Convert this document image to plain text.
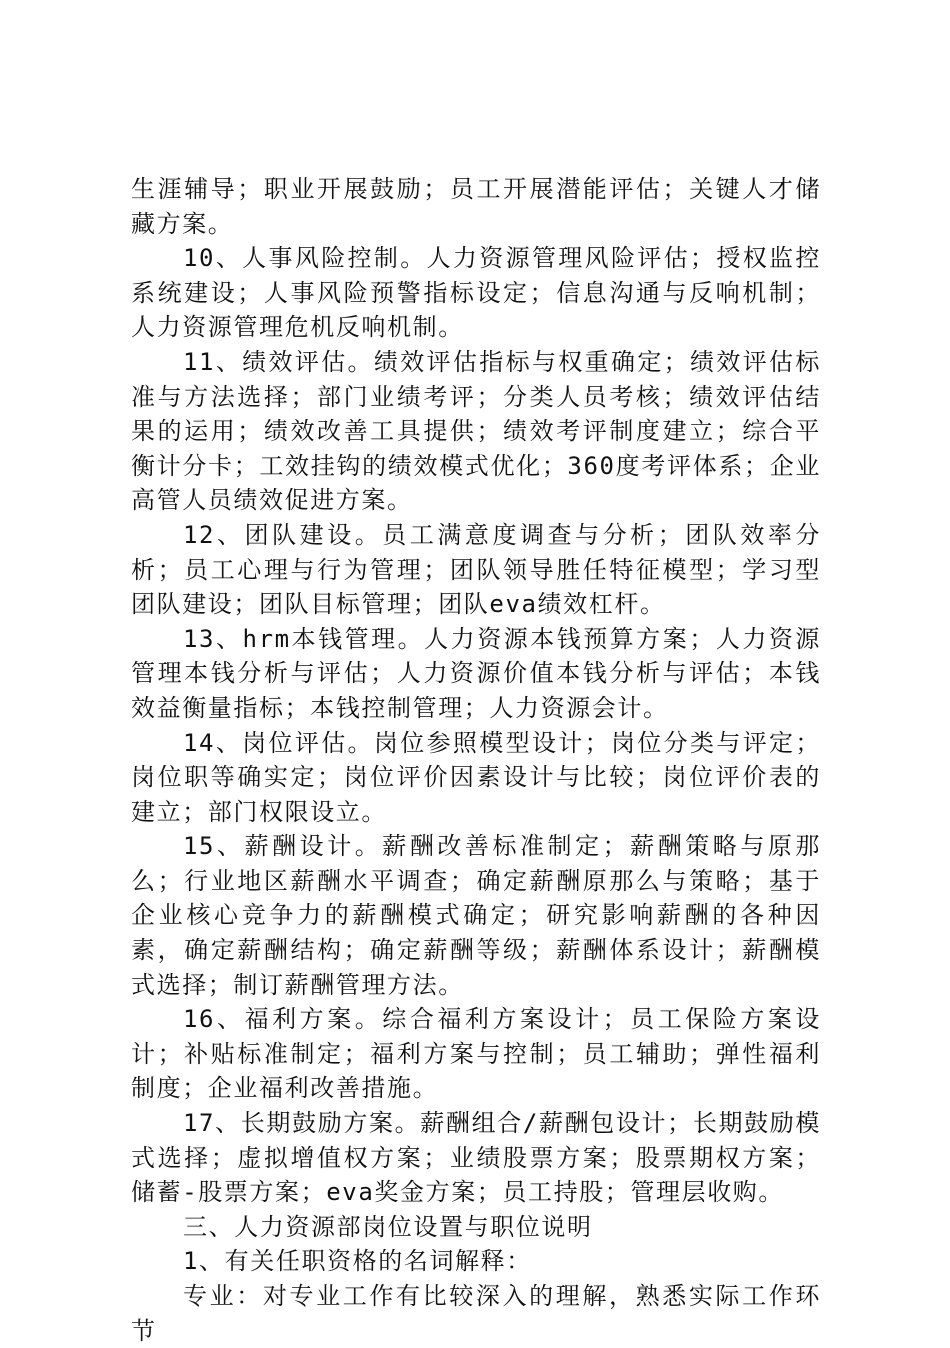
生涯辅导；职业开展鼓励；员工开展潜能评估；关键人才储藏方案。

10、人事风险控制。人力资源管理风险评估；授权监控系统建设；人事风险预警指标设定；信息沟通与反响机制；人力资源管理危机反响机制。

11、绩效评估。绩效评估指标与权重确定；绩效评估标准与方法选择；部门业绩考评；分类人员考核；绩效评估结果的运用；绩效改善工具提供；绩效考评制度建立；综合平衡计分卡；工效挂钩的绩效模式优化；360度考评体系；企业高管人员绩效促进方案。

12、团队建设。员工满意度调查与分析；团队效率分析；员工心理与行为管理；团队领导胜任特征模型；学习型团队建设；团队目标管理；团队eva绩效杠杆。

13、hrm本钱管理。人力资源本钱预算方案；人力资源管理本钱分析与评估；人力资源价值本钱分析与评估；本钱效益衡量指标；本钱控制管理；人力资源会计。

14、岗位评估。岗位参照模型设计；岗位分类与评定；岗位职等确实定；岗位评价因素设计与比较；岗位评价表的建立；部门权限设立。

15、薪酬设计。薪酬改善标准制定；薪酬策略与原那么；行业地区薪酬水平调查；确定薪酬原那么与策略；基于企业核心竞争力的薪酬模式确定；研究影响薪酬的各种因素，确定薪酬结构；确定薪酬等级；薪酬体系设计；薪酬模式选择；制订薪酬管理方法。

16、福利方案。综合福利方案设计；员工保险方案设计；补贴标准制定；福利方案与控制；员工辅助；弹性福利制度；企业福利改善措施。

17、长期鼓励方案。薪酬组合/薪酬包设计；长期鼓励模式选择；虚拟增值权方案；业绩股票方案；股票期权方案；储蓄-股票方案；eva奖金方案；员工持股；管理层收购。

三、人力资源部岗位设置与职位说明

1、有关任职资格的名词解释：

专业：对专业工作有比较深入的理解，熟悉实际工作环节
